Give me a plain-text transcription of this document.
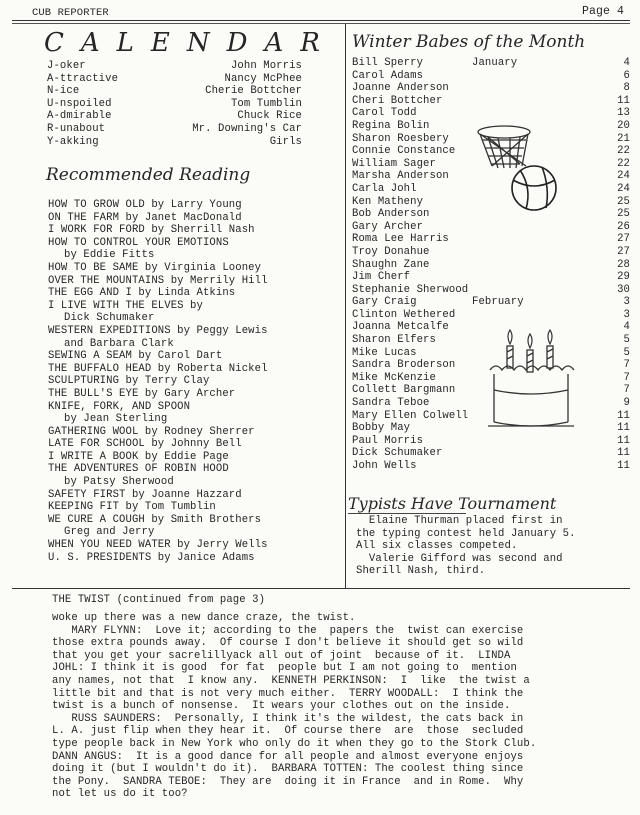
CUB REPORTER	Page 4
CALENDAR
J-oker	John Morris
A-ttractive	Nancy McPhee
N-ice	Cherie Bottcher
U-nspoiled	Tom Tumblin
A-dmirable	Chuck Rice
R-unabout	Mr. Downing's Car
Y-akking	Girls
Recommended Reading
HOW TO GROW OLD by Larry Young
ON THE FARM by Janet MacDonald
I WORK FOR FORD by Sherrill Nash
HOW TO CONTROL YOUR EMOTIONS
by Eddie Fitts
HOW TO BE SAME by Virginia Looney
OVER THE MOUNTAINS by Merrily Hill
THE EGG AND I by Linda Atkins
I LIVE WITH THE ELVES by
Dick Schumaker
WESTERN EXPEDITIONS by Peggy Lewis
and Barbara Clark
SEWING A SEAM by Carol Dart
THE BUFFALO HEAD by Roberta Nickel
SCULPTURING by Terry Clay
THE BULL'S EYE by Gary Archer
KNIFE, FORK, AND SPOON
by Jean Sterling
GATHERING WOOL by Rodney Sherrer
LATE FOR SCHOOL by Johnny Bell
I WRITE A BOOK by Eddie Page
THE ADVENTURES OF ROBIN HOOD
by Patsy Sherwood
SAFETY FIRST by Joanne Hazzard
KEEPING FIT by Tom Tumblin
WE CURE A COUGH by Smith Brothers
Greg and Jerry
WHEN YOU NEED WATER by Jerry Wells
U. S. PRESIDENTS by Janice Adams
Winter Babes of the Month
Bill Sperry	January	4
Carol Adams	6
Joanne Anderson	8
Cheri Bottcher	11
Carol Todd	13
Regina Bolin	20
Sharon Roesbery	21
Connie Constance	22
William Sager	22
Marsha Anderson	24
Carla Johl	24
Ken Matheny	25
Bob Anderson	25
Gary Archer	26
Roma Lee Harris	27
Troy Donahue	27
Shaughn Zane	28
Jim Cherf	29
Stephanie Sherwood	30
Gary Craig	February	3
Clinton Wethered	3
Joanna Metcalfe	4
Sharon Elfers	5
Mike Lucas	5
Sandra Broderson	7
Mike McKenzie	7
Collett Bargmann	7
Sandra Teboe	9
Mary Ellen Colwell	11
Bobby May	11
Paul Morris	11
Dick Schumaker	11
John Wells	11
Typists Have Tournament

Elaine Thurman placed first in

the typing contest held January 5.

All six classes competed.

Valerie Gifford was second and

Sherill Nash, third.

THE TWIST (continued from page 3)
woke up there was a new dance craze, the twist.
MARY FLYNN:  Love it; according to the  papers the  twist can exercise
those extra pounds away.  Of course I don't believe it should get so wild
that you get your sacrelillyack all out of joint  because of it.  LINDA
JOHL: I think it is good  for fat  people but I am not going to  mention
any names, not that  I know any.  KENNETH PERKINSON:  I  like  the twist a
little bit and that is not very much either.  TERRY WOODALL:  I think the
twist is a bunch of nonsense.  It wears your clothes out on the inside.
RUSS SAUNDERS:  Personally, I think it's the wildest, the cats back in
L. A. just flip when they hear it.  Of course there  are  those  secluded
type people back in New York who only do it when they go to the Stork Club.
DANN ANGUS:  It is a good dance for all people and almost everyone enjoys
doing it (but I wouldn't do it).  BARBARA TOTTEN: The coolest thing since
the Pony.  SANDRA TEBOE:  They are  doing it in France  and in Rome.  Why
not let us do it too?
